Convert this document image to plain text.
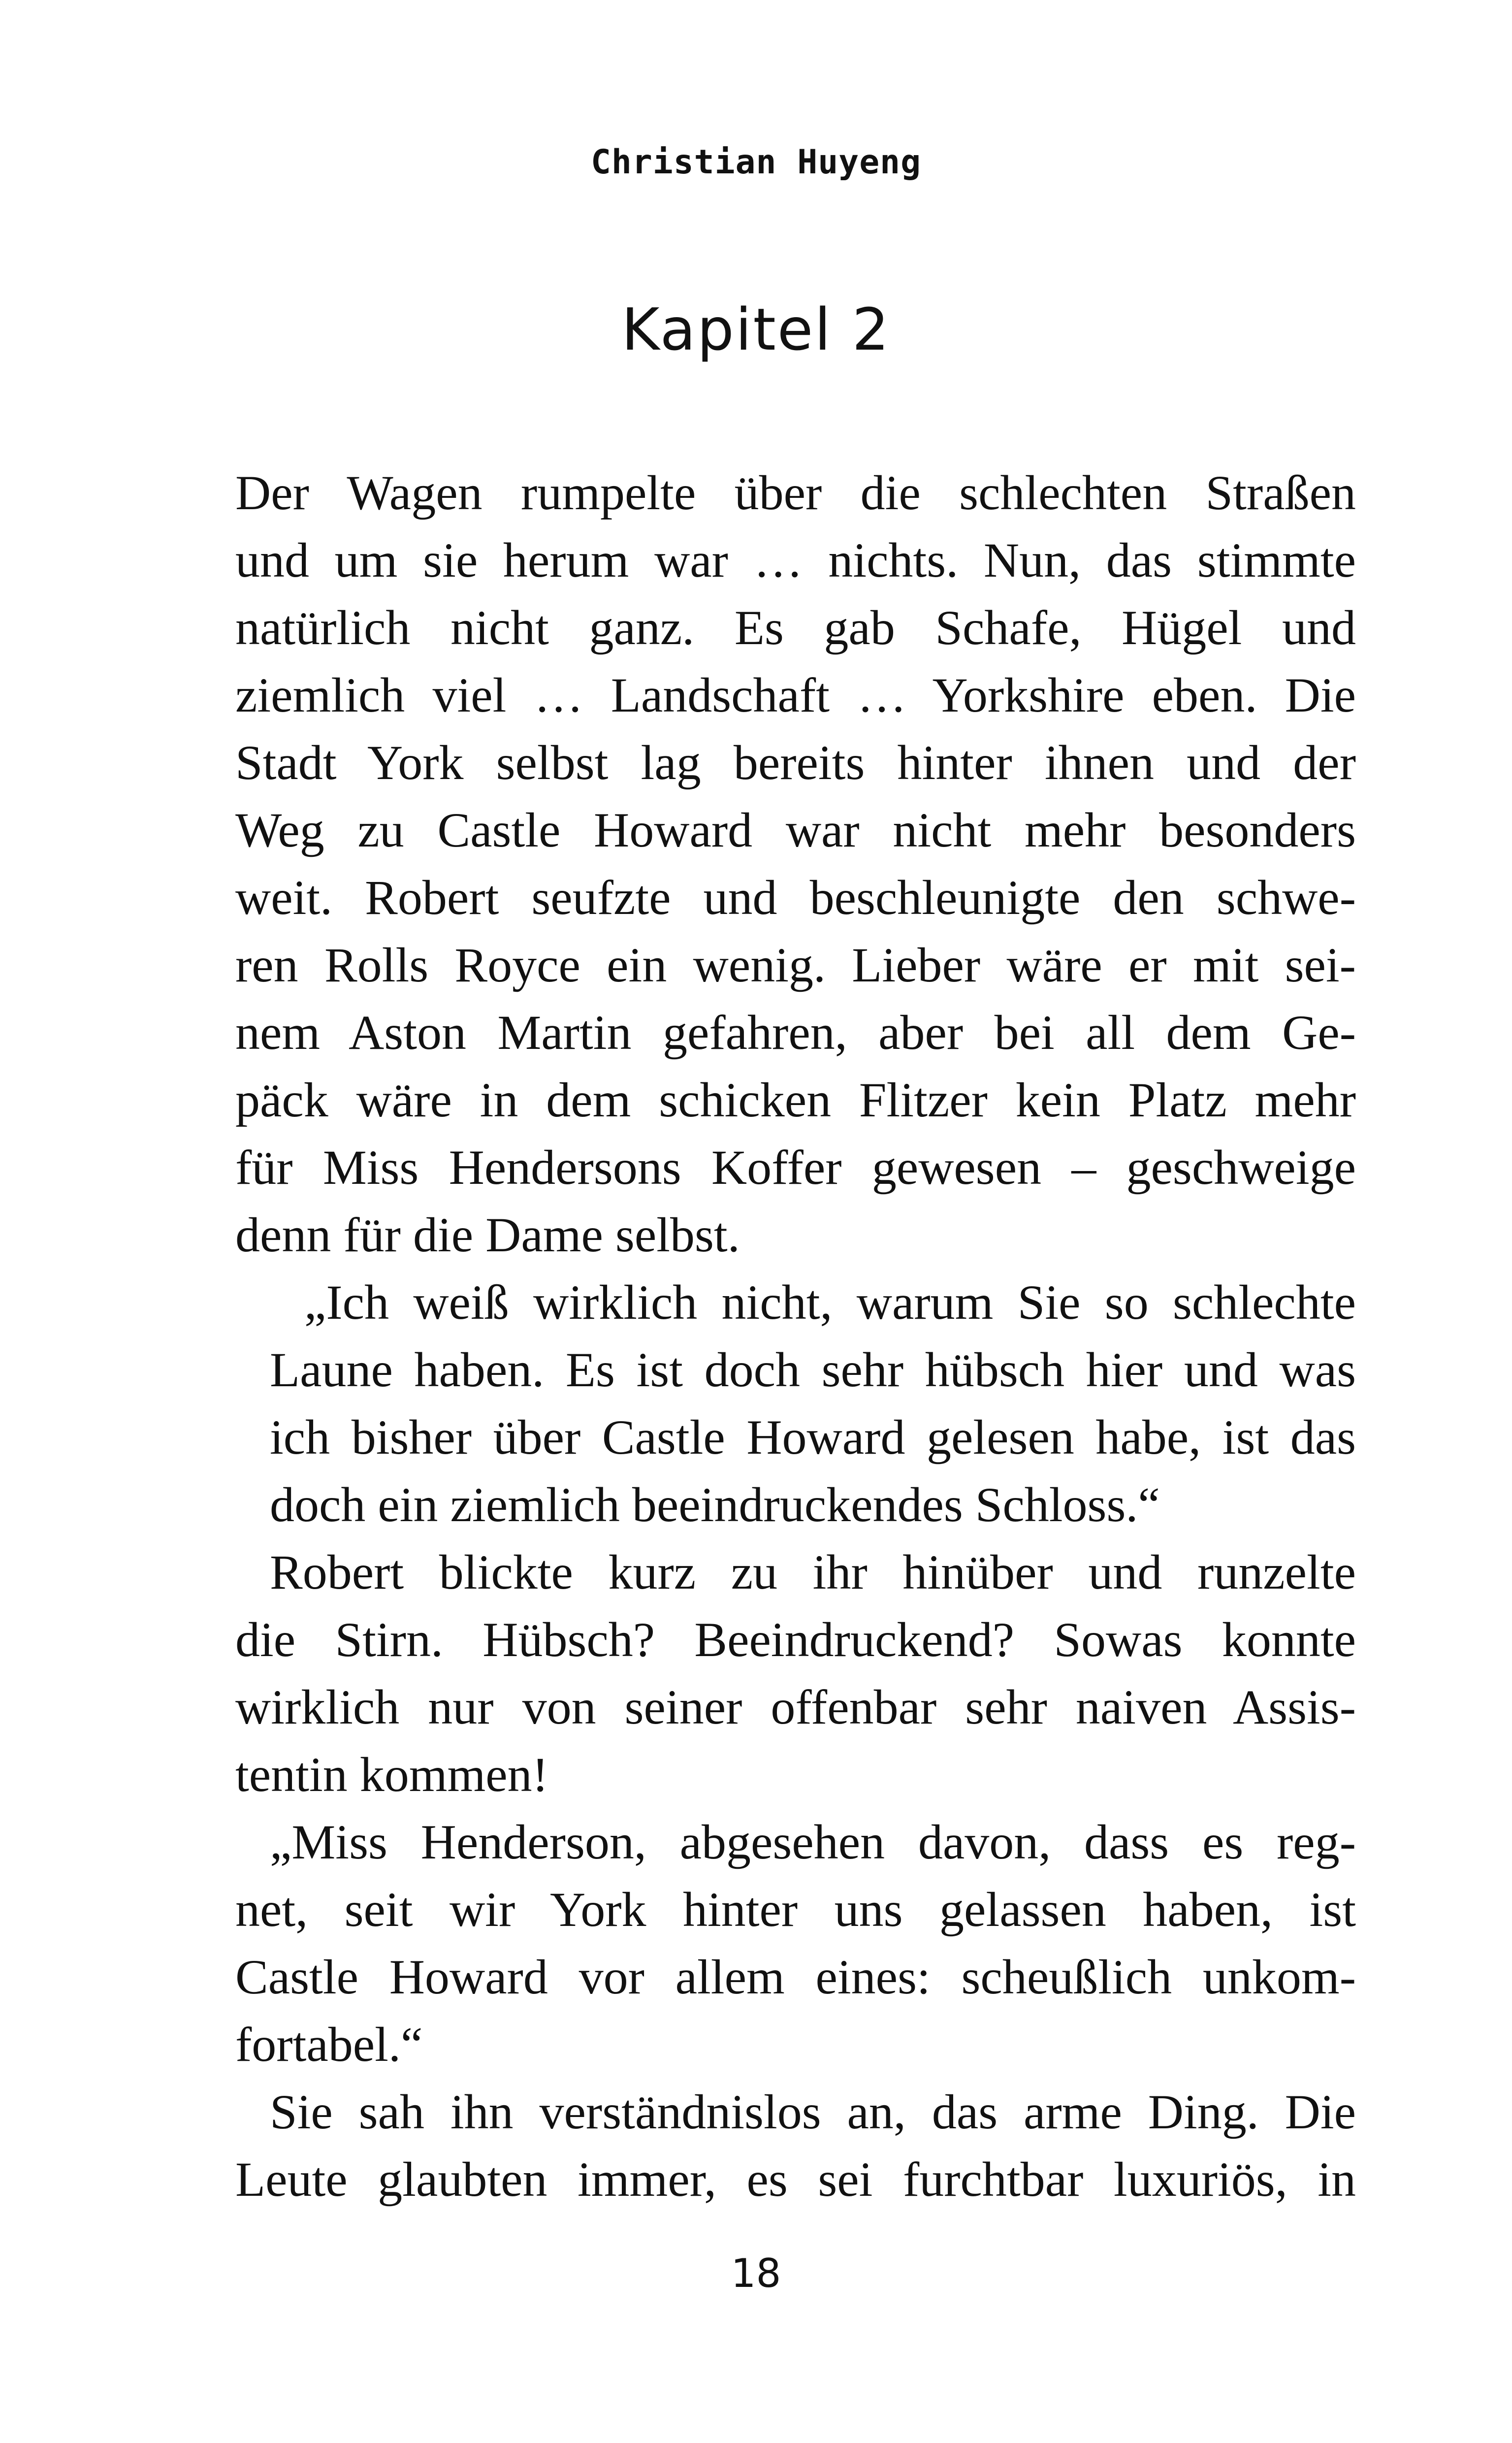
Christian Huyeng
Kapitel 2
Der Wagen rumpelte über die schlechten Straßen
und um sie herum war … nichts. Nun, das stimmte
natürlich nicht ganz. Es gab Schafe, Hügel und
ziemlich viel … Landschaft … Yorkshire eben. Die
Stadt York selbst lag bereits hinter ihnen und der
Weg zu Castle Howard war nicht mehr besonders
weit. Robert seufzte und beschleunigte den schwe-
ren Rolls Royce ein wenig. Lieber wäre er mit sei-
nem Aston Martin gefahren, aber bei all dem Ge-
päck wäre in dem schicken Flitzer kein Platz mehr
für Miss Hendersons Koffer gewesen – geschweige
denn für die Dame selbst.
„Ich weiß wirklich nicht, warum Sie so schlechte
Laune haben. Es ist doch sehr hübsch hier und was
ich bisher über Castle Howard gelesen habe, ist das
doch ein ziemlich beeindruckendes Schloss.“
Robert blickte kurz zu ihr hinüber und runzelte
die Stirn. Hübsch? Beeindruckend? Sowas konnte
wirklich nur von seiner offenbar sehr naiven Assis-
tentin kommen!
„Miss Henderson, abgesehen davon, dass es reg-
net, seit wir York hinter uns gelassen haben, ist
Castle Howard vor allem eines: scheußlich unkom-
fortabel.“
Sie sah ihn verständnislos an, das arme Ding. Die
Leute glaubten immer, es sei furchtbar luxuriös, in
18
